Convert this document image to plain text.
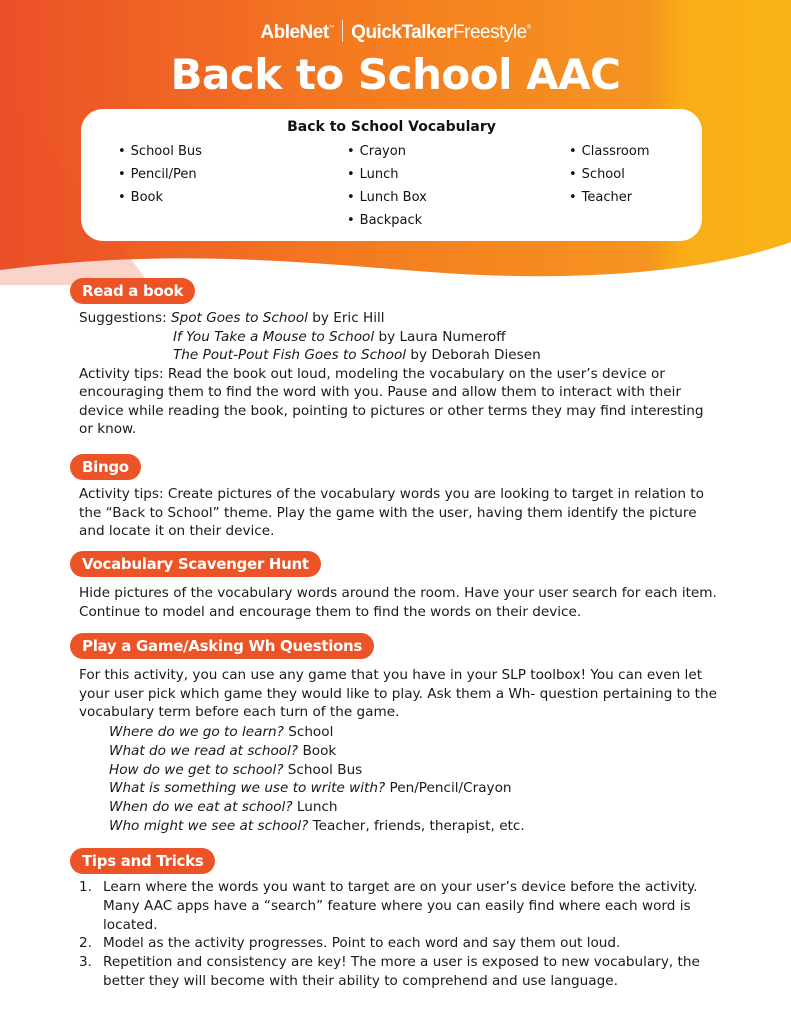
AbleNet™ QuickTalkerFreestyle®
Back to School AAC
Back to School Vocabulary
• School Bus
• Pencil/Pen
• Book
• Crayon
• Lunch
• Lunch Box
• Backpack
• Classroom
• School
• Teacher
Read a book
Suggestions: Spot Goes to School by Eric Hill
If You Take a Mouse to School by Laura Numeroff
The Pout-Pout Fish Goes to School by Deborah Diesen
Activity tips: Read the book out loud, modeling the vocabulary on the user’s device or encouraging them to find the word with you. Pause and allow them to interact with their device while reading the book, pointing to pictures or other terms they may find interesting or know.
Bingo
Activity tips: Create pictures of the vocabulary words you are looking to target in relation to the “Back to School” theme. Play the game with the user, having them identify the picture and locate it on their device.
Vocabulary Scavenger Hunt
Hide pictures of the vocabulary words around the room. Have your user search for each item. Continue to model and encourage them to find the words on their device.
Play a Game/Asking Wh Questions
For this activity, you can use any game that you have in your SLP toolbox! You can even let your user pick which game they would like to play. Ask them a Wh- question pertaining to the vocabulary term before each turn of the game.
Where do we go to learn? School
What do we read at school? Book
How do we get to school? School Bus
What is something we use to write with? Pen/Pencil/Crayon
When do we eat at school? Lunch
Who might we see at school? Teacher, friends, therapist, etc.
Tips and Tricks
1. Learn where the words you want to target are on your user’s device before the activity. Many AAC apps have a “search” feature where you can easily find where each word is located.
2. Model as the activity progresses. Point to each word and say them out loud.
3. Repetition and consistency are key! The more a user is exposed to new vocabulary, the better they will become with their ability to comprehend and use language.
